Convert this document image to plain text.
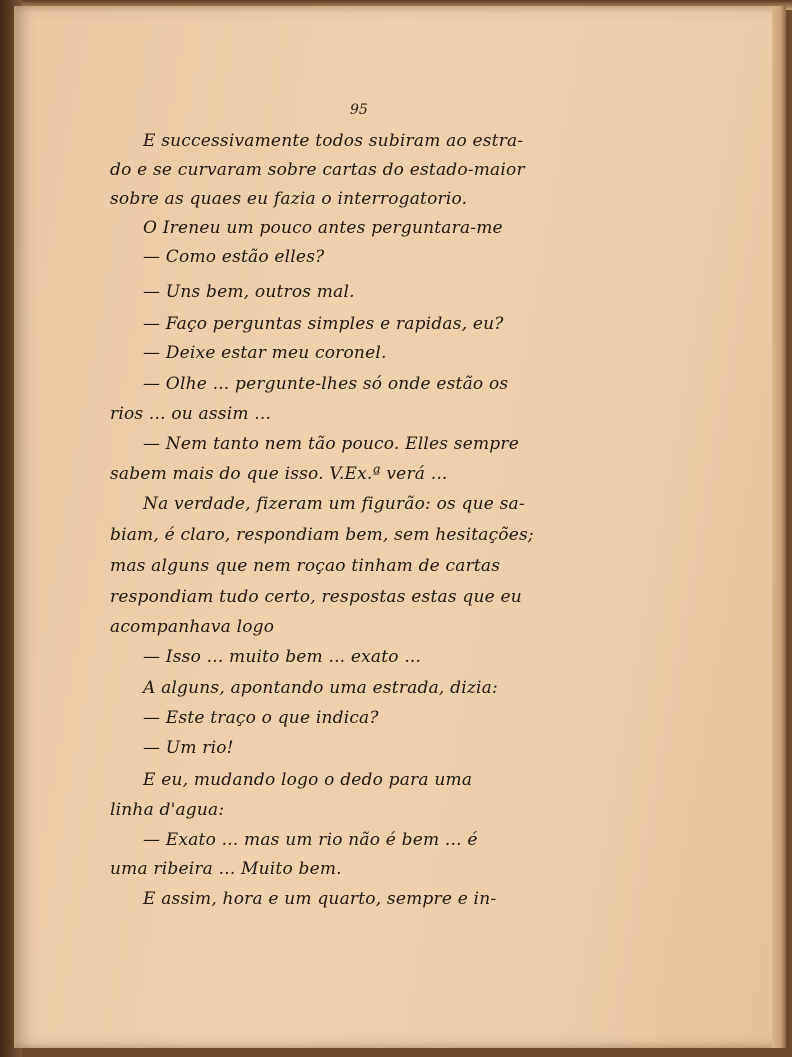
95
E successivamente todos subiram ao estra-
do e se curvaram sobre cartas do estado-maior
sobre as quaes eu fazia o interrogatorio.
O Ireneu um pouco antes perguntara-me
— Como estão elles?
— Uns bem, outros mal.
— Faço perguntas simples e rapidas, eu?
— Deixe estar meu coronel.
— Olhe ... pergunte-lhes só onde estão os
rios ... ou assim ...
— Nem tanto nem tão pouco. Elles sempre
sabem mais do que isso. V.Ex.ª verá ...
Na verdade, fizeram um figurão: os que sa-
biam, é claro, respondiam bem, sem hesitações;
mas alguns que nem roçao tinham de cartas
respondiam tudo certo, respostas estas que eu
acompanhava logo
— Isso ... muito bem ... exato ...
A alguns, apontando uma estrada, dizia:
— Este traço o que indica?
— Um rio!
E eu, mudando logo o dedo para uma
linha d'agua:
— Exato ... mas um rio não é bem ... é
uma ribeira ... Muito bem.
E assim, hora e um quarto, sempre e in-
